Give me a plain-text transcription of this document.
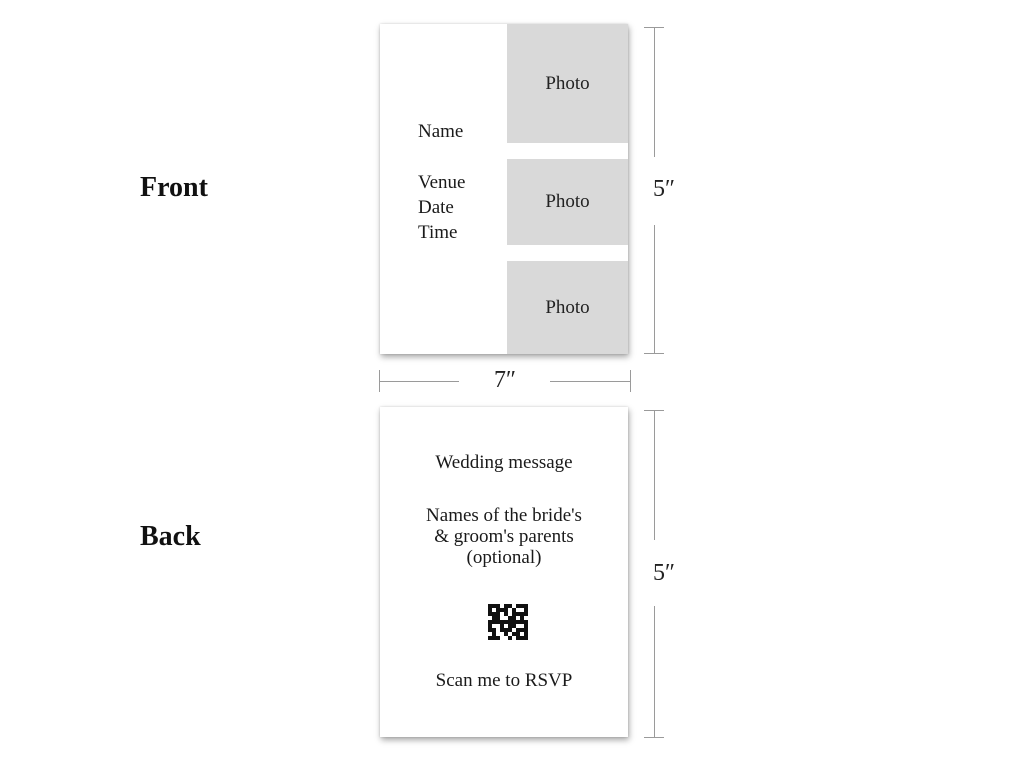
Front
Back
Name
Venue
Date
Time
Photo
Photo
Photo
5″
7″
Wedding message
Names of the bride's
& groom's parents
(optional)
Scan me to RSVP
5″
